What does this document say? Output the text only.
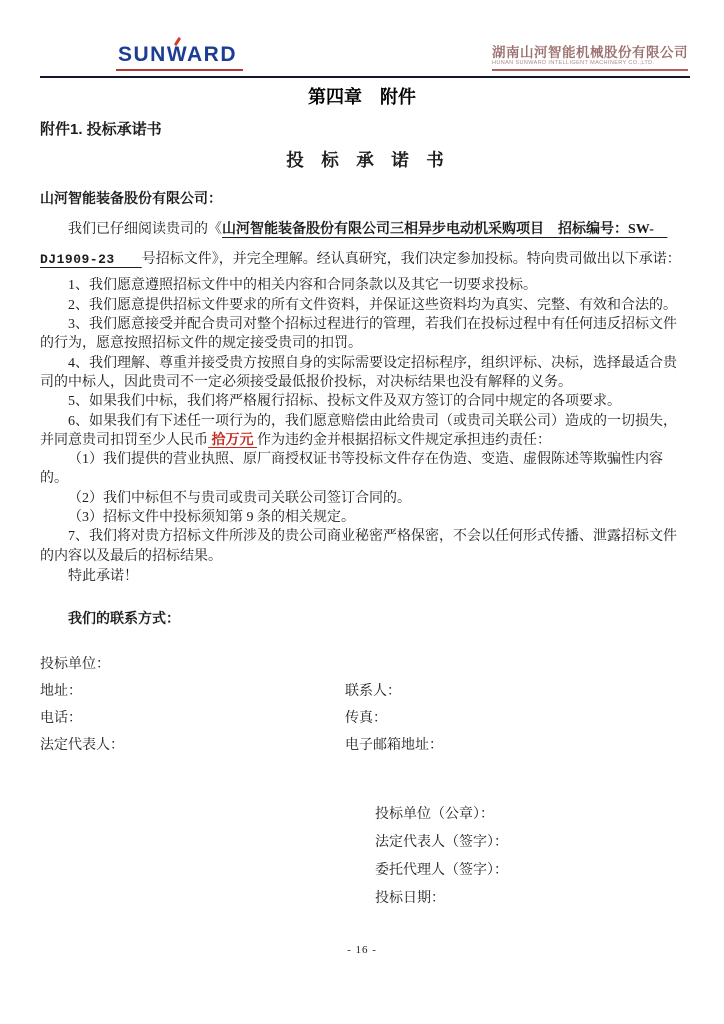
SUNWARD	湖南山河智能机械股份有限公司
HUNAN SUNWARD INTELLIGENT MACHINERY CO.,LTD.
第四章　附件
附件1. 投标承诺书
投　标　承　诺　书

山河智能装备股份有限公司：

我们已仔细阅读贵司的《山河智能装备股份有限公司三相异步电动机采购项目　招标编号：SW-　DJ1909-23　　号招标文件》，并完全理解。经认真研究，我们决定参加投标。特向贵司做出以下承诺：

1、我们愿意遵照招标文件中的相关内容和合同条款以及其它一切要求投标。

2、我们愿意提供招标文件要求的所有文件资料，并保证这些资料均为真实、完整、有效和合法的。

3、我们愿意接受并配合贵司对整个招标过程进行的管理，若我们在投标过程中有任何违反招标文件的行为，愿意按照招标文件的规定接受贵司的扣罚。

4、我们理解、尊重并接受贵方按照自身的实际需要设定招标程序，组织评标、决标，选择最适合贵司的中标人，因此贵司不一定必须接受最低报价投标，对决标结果也没有解释的义务。

5、如果我们中标，我们将严格履行招标、投标文件及双方签订的合同中规定的各项要求。

6、如果我们有下述任一项行为的，我们愿意赔偿由此给贵司（或贵司关联公司）造成的一切损失，并同意贵司扣罚至少人民币 拾万元 作为违约金并根据招标文件规定承担违约责任：

（1）我们提供的营业执照、原厂商授权证书等投标文件存在伪造、变造、虚假陈述等欺骗性内容的。

（2）我们中标但不与贵司或贵司关联公司签订合同的。

（3）招标文件中投标须知第 9 条的相关规定。

7、我们将对贵方招标文件所涉及的贵公司商业秘密严格保密，不会以任何形式传播、泄露招标文件的内容以及最后的招标结果。

特此承诺！

我们的联系方式：

投标单位：
地址：	联系人：
电话：	传真：
法定代表人：	电子邮箱地址：

投标单位（公章）：

法定代表人（签字）：

委托代理人（签字）：

投标日期：

- 16 -
